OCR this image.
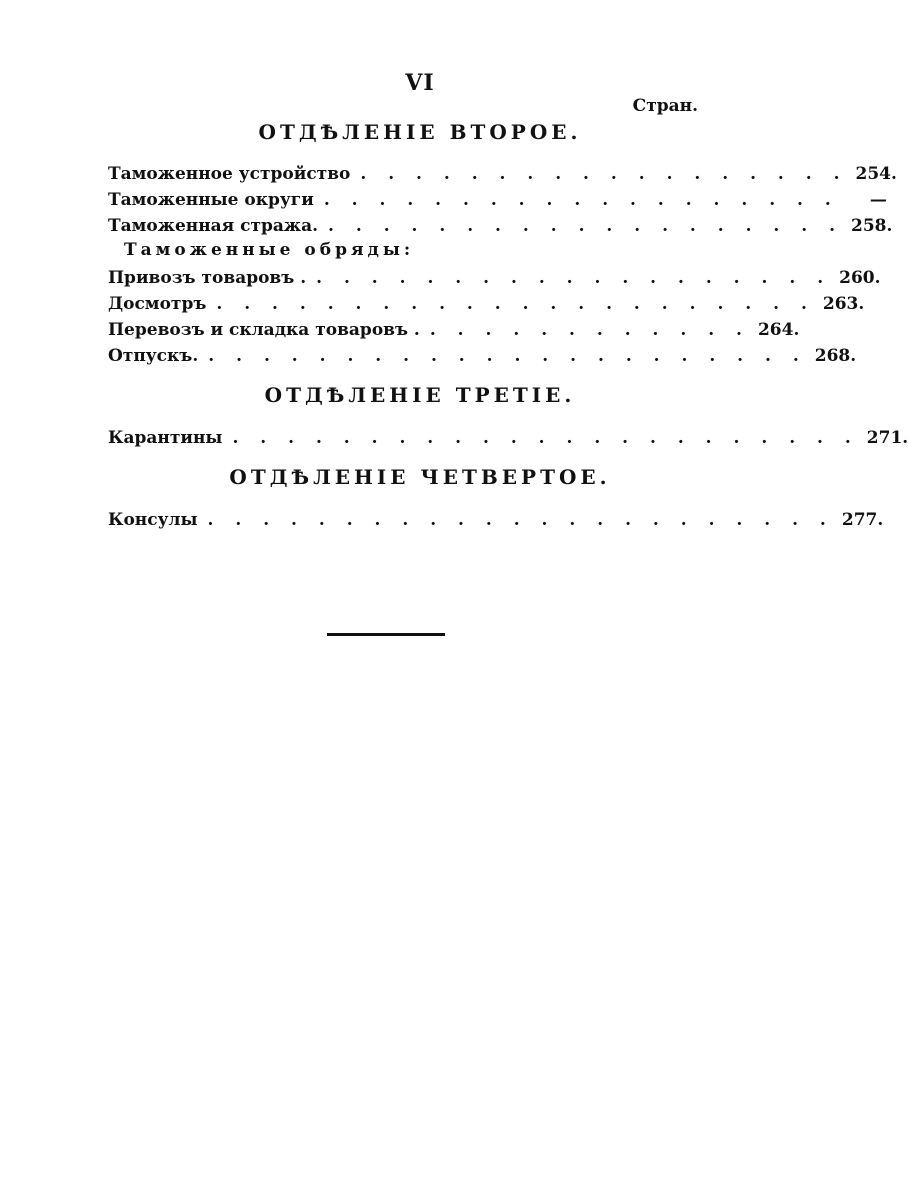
VI
Стран.
ОТДѢЛЕНІЕ ВТОРОЕ.
Таможенное устройство . . . . . . . . . . . . . . . . . . 254.
Таможенные округи . . . . . . . . . . . . . . . . . . .	—
Таможенная стража. . . . . . . . . . . . . . . . . . . . 258.
Таможенные обряды:
Привозъ товаровъ . . . . . . . . . . . . . . . . . . . . 260.
Досмотръ . . . . . . . . . . . . . . . . . . . . . . 263.
Перевозъ и складка товаровъ . . . . . . . . . . . . . 264.
Отпускъ. . . . . . . . . . . . . . . . . . . . . . . 268.
ОТДѢЛЕНІЕ ТРЕТІЕ.
Карантины . . . . . . . . . . . . . . . . . . . . . . . 271.
ОТДѢЛЕНІЕ ЧЕТВЕРТОЕ.
Консулы . . . . . . . . . . . . . . . . . . . . . . . 277.
